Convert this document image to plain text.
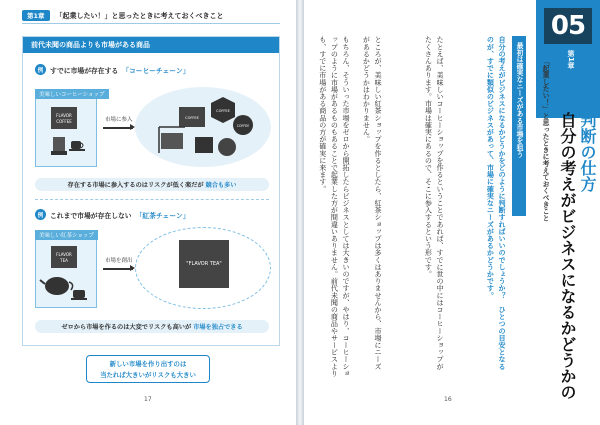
第1章	「起業したい！」と思ったときに考えておくべきこと
前代未聞の商品よりも市場がある商品
例 すでに市場が存在する 「コーヒーチェーン」
美味しいコーヒーショップ
FLAVOR
COFFEE	市場に参入
COFFEE
COFFEE
COFFEE
存在する市場に参入するのはリスクが低く楽だが 競合も多い
例 これまで市場が存在しない 「紅茶チェーン」
美味しい紅茶ショップ
FLAVOR
TEA	市場を創出	"FLAVOR TEA"
ゼロから市場を作るのは大変でリスクも高いが 市場を独占できる
新しい市場を作り出すのは
当たれば大きいがリスクも大きい
17
05
第1章
「起業したい！」と思ったときに考えておくべきこと 自分の考えがビジネスになるかどうかの 判断の仕方
最初は確実なニーズがある市場を狙う
自分の考えがビジネスになるかどうかをどのように判断すればいいのでしょうか？　ひとつの目安となるのが、すでに類似のビジネスがあって、市場に確実なニーズがあるかどうかです。
たとえば、美味しいコーヒーショップを作るということであれば、すでに世の中にはコーヒーショップがたくさんあります。市場は確実にあるので、そこに参入するという形です。
ところが、美味しい紅茶ショップを作るとしたら、紅茶ショップは多くはありませんから、市場にニーズがあるかどうかはわかりません。
16
もちろん、そういった市場をゼロから開拓したらビジネスとしては大きいのですが、やはり、コーヒーショップのように市場があるものもあることで起業した方が間違いありません。前代未聞の商品やサービスよりも、すでに市場がある商品の方が確実に来ます。
